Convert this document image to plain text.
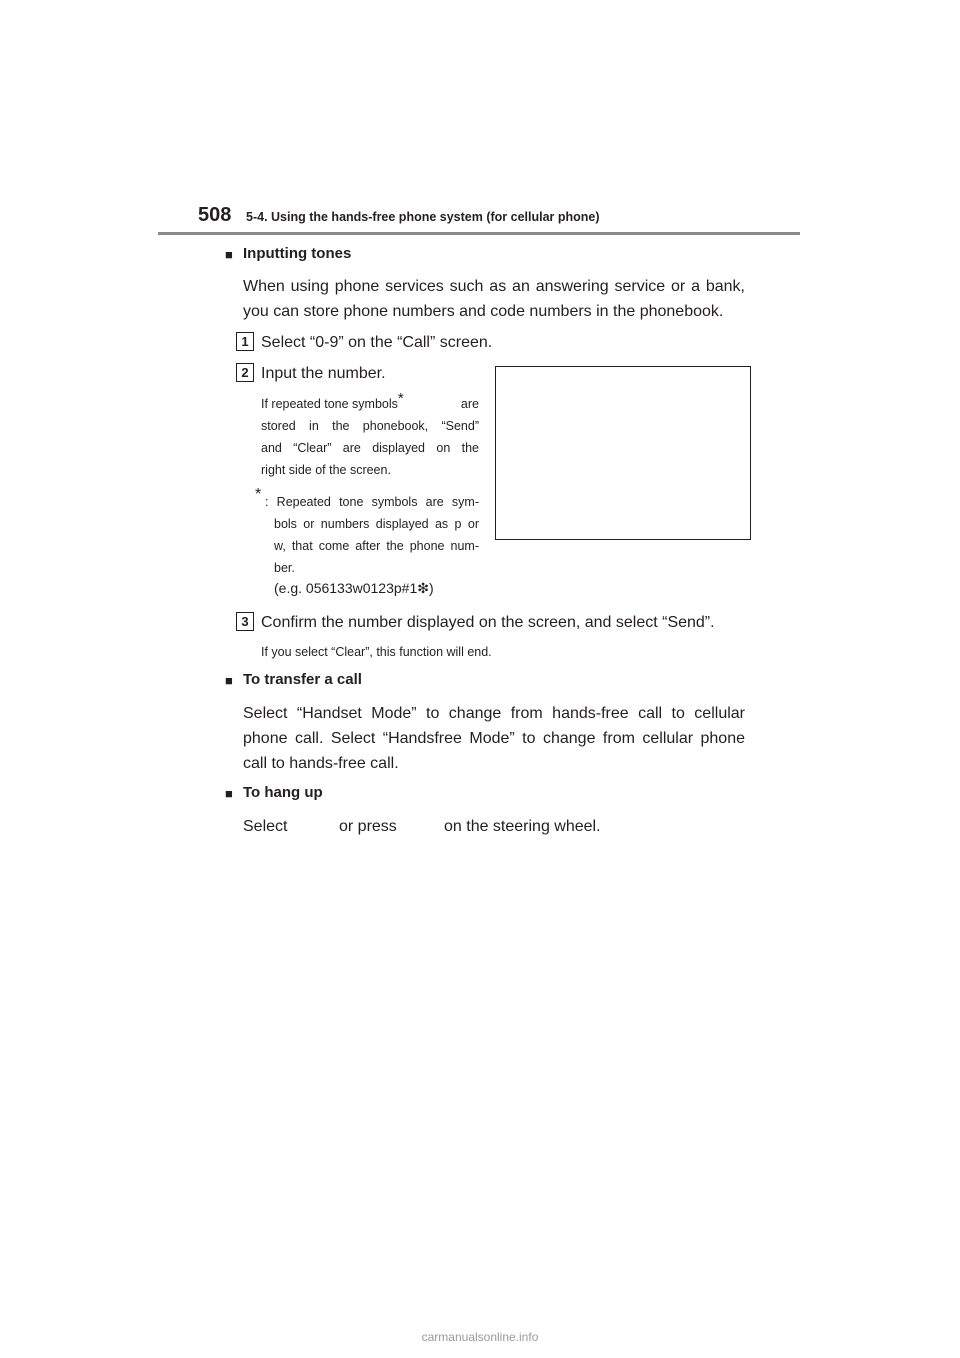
508 5-4. Using the hands-free phone system (for cellular phone)
■ Inputting tones
When using phone services such as an answering service or a bank,
you can store phone numbers and code numbers in the phonebook.
1 Select “0-9” on the “Call” screen.
2 Input the number.
If repeated tone symbols*	are
stored in the phonebook, “Send”
and “Clear” are displayed on the
right side of the screen.
* : Repeated tone symbols are sym-
bols or numbers displayed as p or
w, that come after the phone num-
ber.
(e.g. 056133w0123p#1❇)
3 Confirm the number displayed on the screen, and select “Send”.
If you select “Clear”, this function will end.
■ To transfer a call
Select “Handset Mode” to change from hands-free call to cellular
phone call. Select “Handsfree Mode” to change from cellular phone
call to hands-free call.
■ To hang up
Select	or press	on the steering wheel.
carmanualsonline.info
